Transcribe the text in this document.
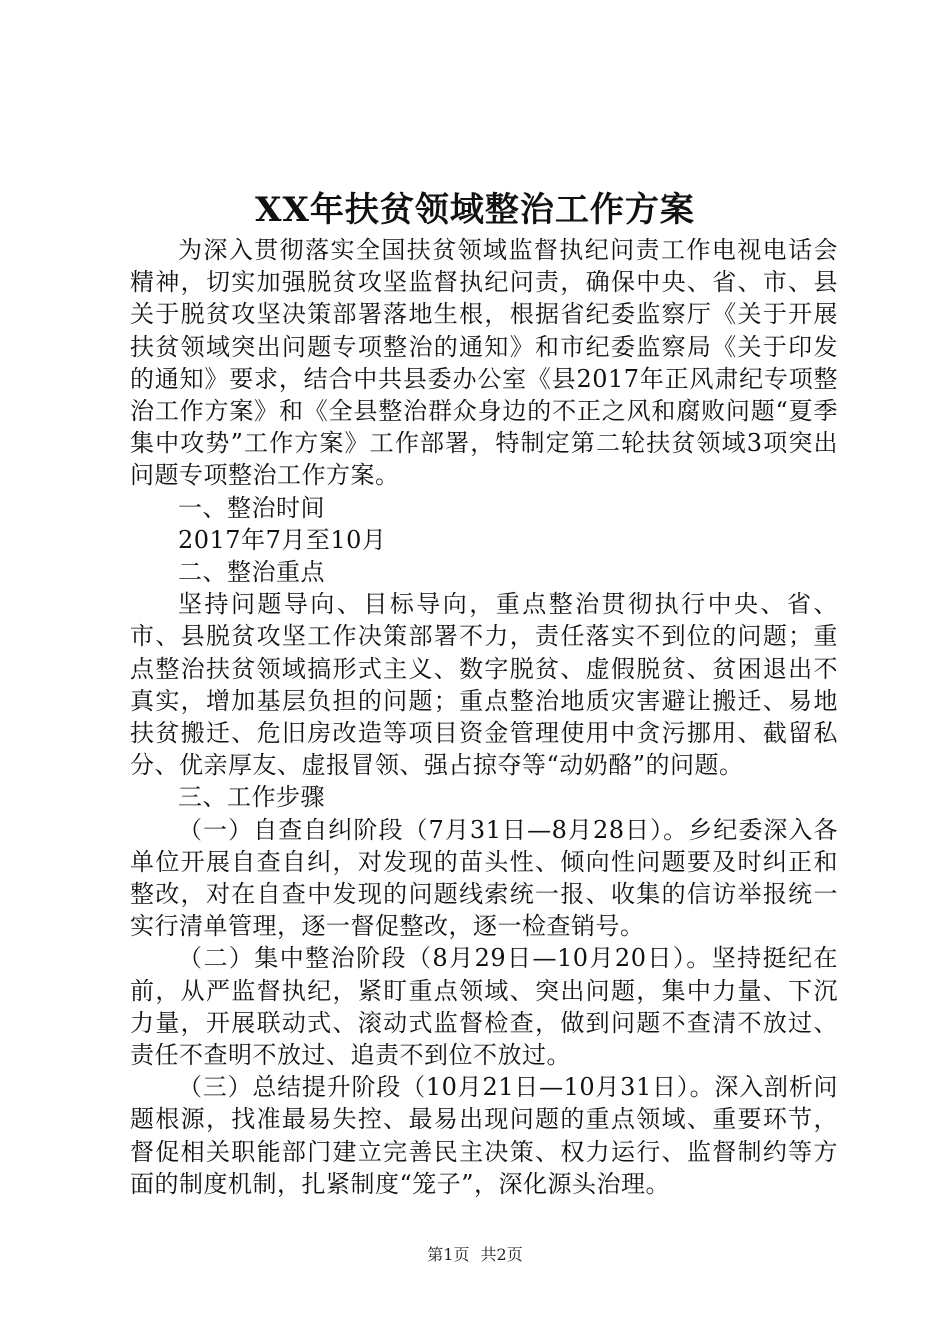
XX年扶贫领域整治工作方案

为深入贯彻落实全国扶贫领域监督执纪问责工作电视电话会精神，切实加强脱贫攻坚监督执纪问责，确保中央、省、市、县关于脱贫攻坚决策部署落地生根，根据省纪委监察厅《关于开展扶贫领域突出问题专项整治的通知》和市纪委监察局《关于印发的通知》要求，结合中共县委办公室《县2017年正风肃纪专项整治工作方案》和《全县整治群众身边的不正之风和腐败问题“夏季集中攻势”工作方案》工作部署，特制定第二轮扶贫领域3项突出问题专项整治工作方案。

一、整治时间

2017年7月至10月

二、整治重点

坚持问题导向、目标导向，重点整治贯彻执行中央、省、市、县脱贫攻坚工作决策部署不力，责任落实不到位的问题；重点整治扶贫领域搞形式主义、数字脱贫、虚假脱贫、贫困退出不真实，增加基层负担的问题；重点整治地质灾害避让搬迁、易地扶贫搬迁、危旧房改造等项目资金管理使用中贪污挪用、截留私分、优亲厚友、虚报冒领、强占掠夺等“动奶酪”的问题。

三、工作步骤

（一）自查自纠阶段（7月31日—8月28日）。乡纪委深入各单位开展自查自纠，对发现的苗头性、倾向性问题要及时纠正和整改，对在自查中发现的问题线索统一报、收集的信访举报统一实行清单管理，逐一督促整改，逐一检查销号。

（二）集中整治阶段（8月29日—10月20日）。坚持挺纪在前，从严监督执纪，紧盯重点领域、突出问题，集中力量、下沉力量，开展联动式、滚动式监督检查，做到问题不查清不放过、责任不查明不放过、追责不到位不放过。

（三）总结提升阶段（10月21日—10月31日）。深入剖析问题根源，找准最易失控、最易出现问题的重点领域、重要环节，督促相关职能部门建立完善民主决策、权力运行、监督制约等方面的制度机制，扎紧制度“笼子”，深化源头治理。

第1页 共2页
